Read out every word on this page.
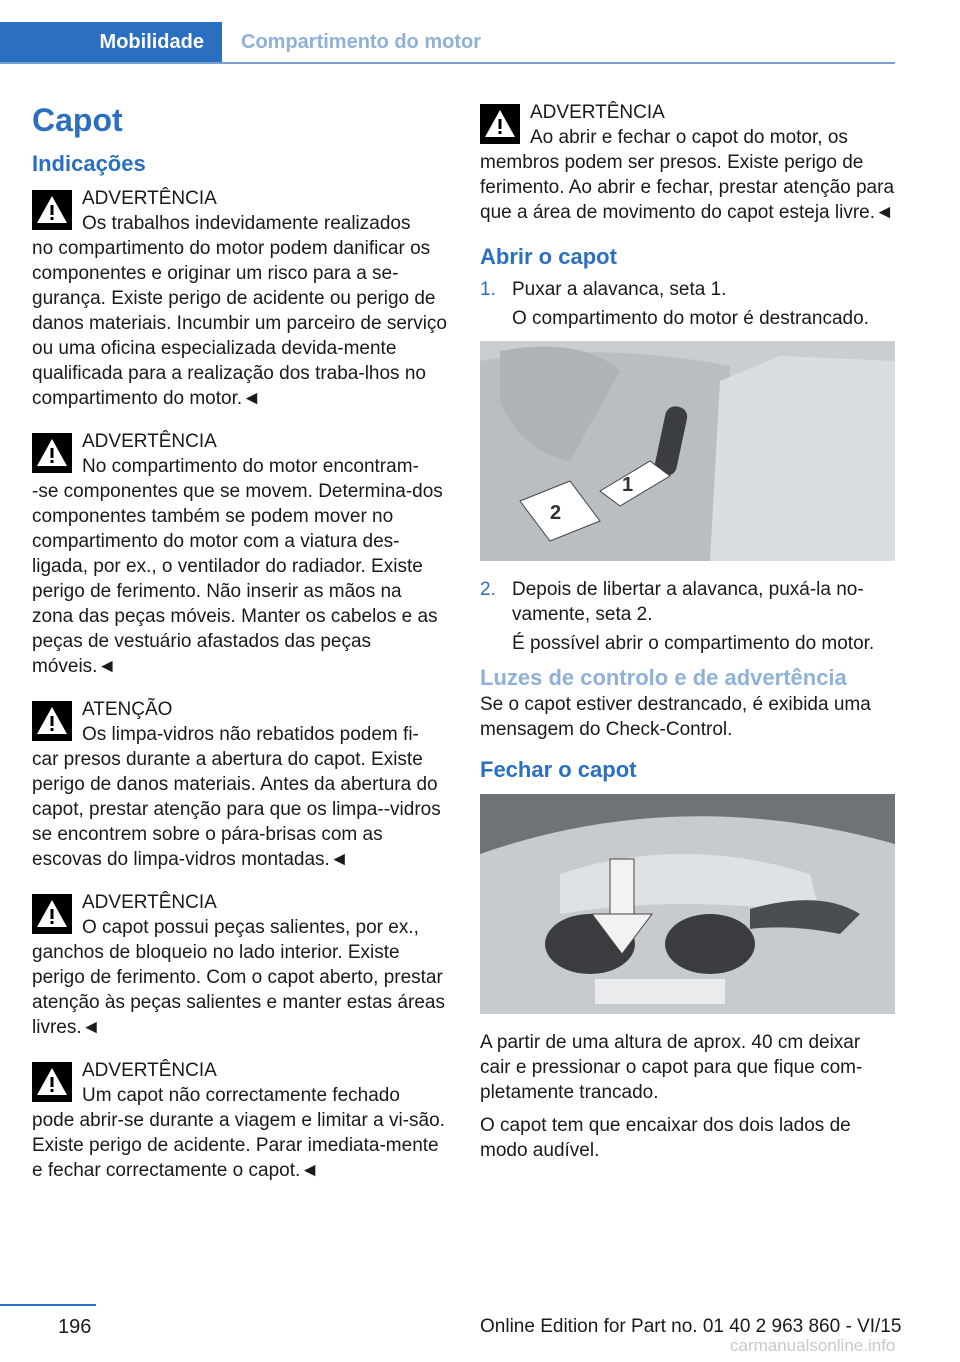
Mobilidade Compartimento do motor
Capot
Indicações
ADVERTÊNCIA
Os trabalhos indevidamente realizados
no compartimento do motor podem danificar os componentes e originar um risco para a se-gurança. Existe perigo de acidente ou perigo de danos materiais. Incumbir um parceiro de serviço ou uma oficina especializada devida-mente qualificada para a realização dos traba-lhos no compartimento do motor.◄
ADVERTÊNCIA
No compartimento do motor encontram-
-se componentes que se movem. Determina-dos componentes também se podem mover no compartimento do motor com a viatura des-ligada, por ex., o ventilador do radiador. Existe perigo de ferimento. Não inserir as mãos na zona das peças móveis. Manter os cabelos e as peças de vestuário afastados das peças móveis.◄
ATENÇÃO
Os limpa-vidros não rebatidos podem fi-
car presos durante a abertura do capot. Existe perigo de danos materiais. Antes da abertura do capot, prestar atenção para que os limpa--vidros se encontrem sobre o pára-brisas com as escovas do limpa-vidros montadas.◄
ADVERTÊNCIA
O capot possui peças salientes, por ex.,
ganchos de bloqueio no lado interior. Existe perigo de ferimento. Com o capot aberto, prestar atenção às peças salientes e manter estas áreas livres.◄
ADVERTÊNCIA
Um capot não correctamente fechado
pode abrir-se durante a viagem e limitar a vi-são. Existe perigo de acidente. Parar imediata-mente e fechar correctamente o capot.◄
ADVERTÊNCIA
Ao abrir e fechar o capot do motor, os
membros podem ser presos. Existe perigo de ferimento. Ao abrir e fechar, prestar atenção para que a área de movimento do capot esteja livre.◄
Abrir o capot
1. Puxar a alavanca, seta 1.
O compartimento do motor é destrancado.
1
2
2. Depois de libertar a alavanca, puxá-la no-vamente, seta 2.
É possível abrir o compartimento do motor.
Luzes de controlo e de advertência

Se o capot estiver destrancado, é exibida uma mensagem do Check-Control.

Fechar o capot

A partir de uma altura de aprox. 40 cm deixar cair e pressionar o capot para que fique com-pletamente trancado.

O capot tem que encaixar dos dois lados de modo audível.

196	Online Edition for Part no. 01 40 2 963 860 - VI/15
carmanualsonline.info
